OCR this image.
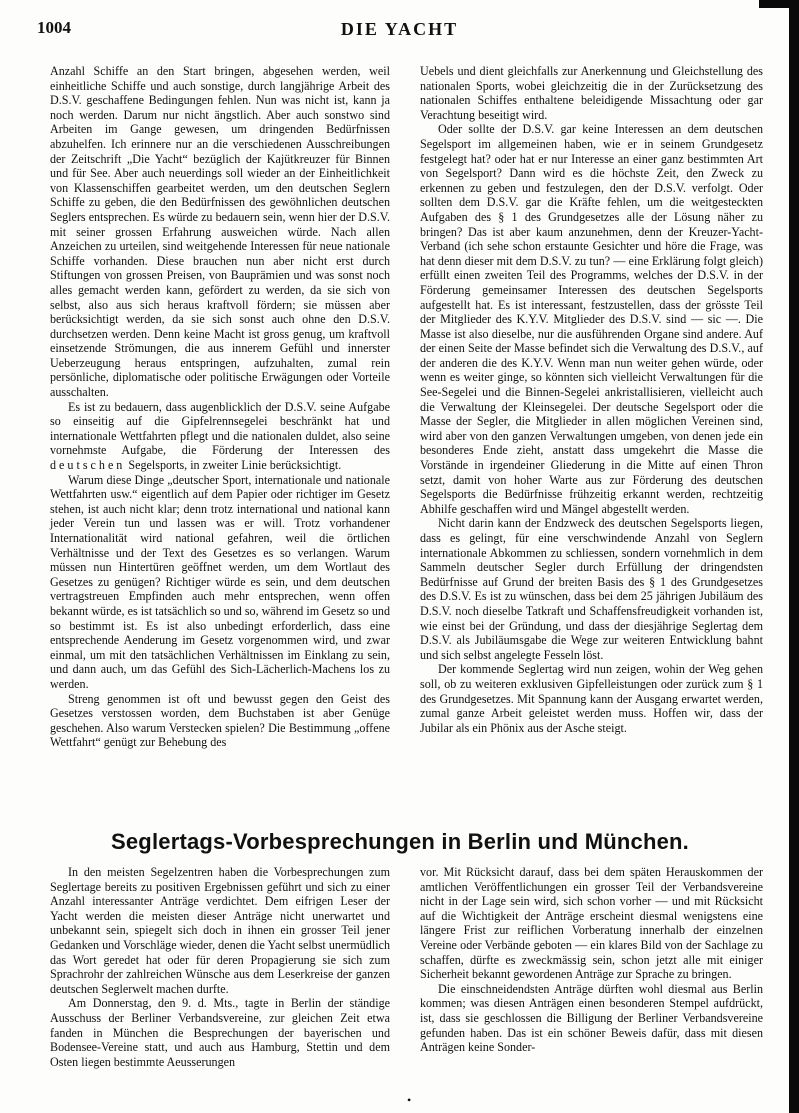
1004	DIE YACHT

Anzahl Schiffe an den Start bringen, abgesehen werden, weil einheitliche Schiffe und auch sonstige, durch langjährige Arbeit des D.S.V. geschaffene Bedingungen fehlen. Nun was nicht ist, kann ja noch werden. Darum nur nicht ängstlich. Aber auch sonstwo sind Arbeiten im Gange gewesen, um dringenden Bedürfnissen abzuhelfen. Ich erinnere nur an die verschiedenen Ausschreibungen der Zeitschrift „Die Yacht“ bezüglich der Kajütkreuzer für Binnen und für See. Aber auch neuerdings soll wieder an der Einheitlichkeit von Klassenschiffen gearbeitet werden, um den deutschen Seglern Schiffe zu geben, die den Bedürfnissen des gewöhnlichen deutschen Seglers entsprechen. Es würde zu bedauern sein, wenn hier der D.S.V. mit seiner grossen Erfahrung ausweichen würde. Nach allen Anzeichen zu urteilen, sind weitgehende Interessen für neue nationale Schiffe vorhanden. Diese brauchen nun aber nicht erst durch Stiftungen von grossen Preisen, von Bauprämien und was sonst noch alles gemacht werden kann, gefördert zu werden, da sie sich von selbst, also aus sich heraus kraftvoll fördern; sie müssen aber berücksichtigt werden, da sie sich sonst auch ohne den D.S.V. durchsetzen werden. Denn keine Macht ist gross genug, um kraftvoll einsetzende Strömungen, die aus innerem Gefühl und innerster Ueberzeugung heraus entspringen, aufzuhalten, zumal rein persönliche, diplomatische oder politische Erwägungen oder Vorteile ausschalten.

Es ist zu bedauern, dass augenblicklich der D.S.V. seine Aufgabe so einseitig auf die Gipfelrennsegelei beschränkt hat und internationale Wettfahrten pflegt und die nationalen duldet, also seine vornehmste Aufgabe, die Förderung der Interessen des deutschen Segelsports, in zweiter Linie berücksichtigt.

Warum diese Dinge „deutscher Sport, internationale und nationale Wettfahrten usw.“ eigentlich auf dem Papier oder richtiger im Gesetz stehen, ist auch nicht klar; denn trotz international und national kann jeder Verein tun und lassen was er will. Trotz vorhandener Internationalität wird national gefahren, weil die örtlichen Verhältnisse und der Text des Gesetzes es so verlangen. Warum müssen nun Hintertüren geöffnet werden, um dem Wortlaut des Gesetzes zu genügen? Richtiger würde es sein, und dem deutschen vertragstreuen Empfinden auch mehr entsprechen, wenn offen bekannt würde, es ist tatsächlich so und so, während im Gesetz so und so bestimmt ist. Es ist also unbedingt erforderlich, dass eine entsprechende Aenderung im Gesetz vorgenommen wird, und zwar einmal, um mit den tatsächlichen Verhältnissen im Einklang zu sein, und dann auch, um das Gefühl des Sich-Lächerlich-Machens los zu werden.

Streng genommen ist oft und bewusst gegen den Geist des Gesetzes verstossen worden, dem Buchstaben ist aber Genüge geschehen. Also warum Verstecken spielen? Die Bestimmung „offene Wettfahrt“ genügt zur Behebung des

Uebels und dient gleichfalls zur Anerkennung und Gleichstellung des nationalen Sports, wobei gleichzeitig die in der Zurücksetzung des nationalen Schiffes enthaltene beleidigende Missachtung oder gar Verachtung beseitigt wird.

Oder sollte der D.S.V. gar keine Interessen an dem deutschen Segelsport im allgemeinen haben, wie er in seinem Grundgesetz festgelegt hat? oder hat er nur Interesse an einer ganz bestimmten Art von Segelsport? Dann wird es die höchste Zeit, den Zweck zu erkennen zu geben und festzulegen, den der D.S.V. verfolgt. Oder sollten dem D.S.V. gar die Kräfte fehlen, um die weitgesteckten Aufgaben des § 1 des Grundgesetzes alle der Lösung näher zu bringen? Das ist aber kaum anzunehmen, denn der Kreuzer-Yacht-Verband (ich sehe schon erstaunte Gesichter und höre die Frage, was hat denn dieser mit dem D.S.V. zu tun? — eine Erklärung folgt gleich) erfüllt einen zweiten Teil des Programms, welches der D.S.V. in der Förderung gemeinsamer Interessen des deutschen Segelsports aufgestellt hat. Es ist interessant, festzustellen, dass der grösste Teil der Mitglieder des K.Y.V. Mitglieder des D.S.V. sind — sic —. Die Masse ist also dieselbe, nur die ausführenden Organe sind andere. Auf der einen Seite der Masse befindet sich die Verwaltung des D.S.V., auf der anderen die des K.Y.V. Wenn man nun weiter gehen würde, oder wenn es weiter ginge, so könnten sich vielleicht Verwaltungen für die See-Segelei und die Binnen-Segelei ankristallisieren, vielleicht auch die Verwaltung der Kleinsegelei. Der deutsche Segelsport oder die Masse der Segler, die Mitglieder in allen möglichen Vereinen sind, wird aber von den ganzen Verwaltungen umgeben, von denen jede ein besonderes Ende zieht, anstatt dass umgekehrt die Masse die Vorstände in irgendeiner Gliederung in die Mitte auf einen Thron setzt, damit von hoher Warte aus zur Förderung des deutschen Segelsports die Bedürfnisse frühzeitig erkannt werden, rechtzeitig Abhilfe geschaffen wird und Mängel abgestellt werden.

Nicht darin kann der Endzweck des deutschen Segelsports liegen, dass es gelingt, für eine verschwindende Anzahl von Seglern internationale Abkommen zu schliessen, sondern vornehmlich in dem Sammeln deutscher Segler durch Erfüllung der dringendsten Bedürfnisse auf Grund der breiten Basis des § 1 des Grundgesetzes des D.S.V. Es ist zu wünschen, dass bei dem 25 jährigen Jubiläum des D.S.V. noch dieselbe Tatkraft und Schaffensfreudigkeit vorhanden ist, wie einst bei der Gründung, und dass der diesjährige Seglertag dem D.S.V. als Jubiläumsgabe die Wege zur weiteren Entwicklung bahnt und sich selbst angelegte Fesseln löst.

Der kommende Seglertag wird nun zeigen, wohin der Weg gehen soll, ob zu weiteren exklusiven Gipfelleistungen oder zurück zum § 1 des Grundgesetzes. Mit Spannung kann der Ausgang erwartet werden, zumal ganze Arbeit geleistet werden muss. Hoffen wir, dass der Jubilar als ein Phönix aus der Asche steigt.

Seglertags-Vorbesprechungen in Berlin und München.

In den meisten Segelzentren haben die Vorbesprechungen zum Seglertage bereits zu positiven Ergebnissen geführt und sich zu einer Anzahl interessanter Anträge verdichtet. Dem eifrigen Leser der Yacht werden die meisten dieser Anträge nicht unerwartet und unbekannt sein, spiegelt sich doch in ihnen ein grosser Teil jener Gedanken und Vorschläge wieder, denen die Yacht selbst unermüdlich das Wort geredet hat oder für deren Propagierung sie sich zum Sprachrohr der zahlreichen Wünsche aus dem Leserkreise der ganzen deutschen Seglerwelt machen durfte.

Am Donnerstag, den 9. d. Mts., tagte in Berlin der ständige Ausschuss der Berliner Verbandsvereine, zur gleichen Zeit etwa fanden in München die Besprechungen der bayerischen und Bodensee-Vereine statt, und auch aus Hamburg, Stettin und dem Osten liegen bestimmte Aeusserungen

vor. Mit Rücksicht darauf, dass bei dem späten Herauskommen der amtlichen Veröffentlichungen ein grosser Teil der Verbandsvereine nicht in der Lage sein wird, sich schon vorher — und mit Rücksicht auf die Wichtigkeit der Anträge erscheint diesmal wenigstens eine längere Frist zur reiflichen Vorberatung innerhalb der einzelnen Vereine oder Verbände geboten — ein klares Bild von der Sachlage zu schaffen, dürfte es zweckmässig sein, schon jetzt alle mit einiger Sicherheit bekannt gewordenen Anträge zur Sprache zu bringen.

Die einschneidendsten Anträge dürften wohl diesmal aus Berlin kommen; was diesen Anträgen einen besonderen Stempel aufdrückt, ist, dass sie geschlossen die Billigung der Berliner Verbandsvereine gefunden haben. Das ist ein schöner Beweis dafür, dass mit diesen Anträgen keine Sonder-

•
